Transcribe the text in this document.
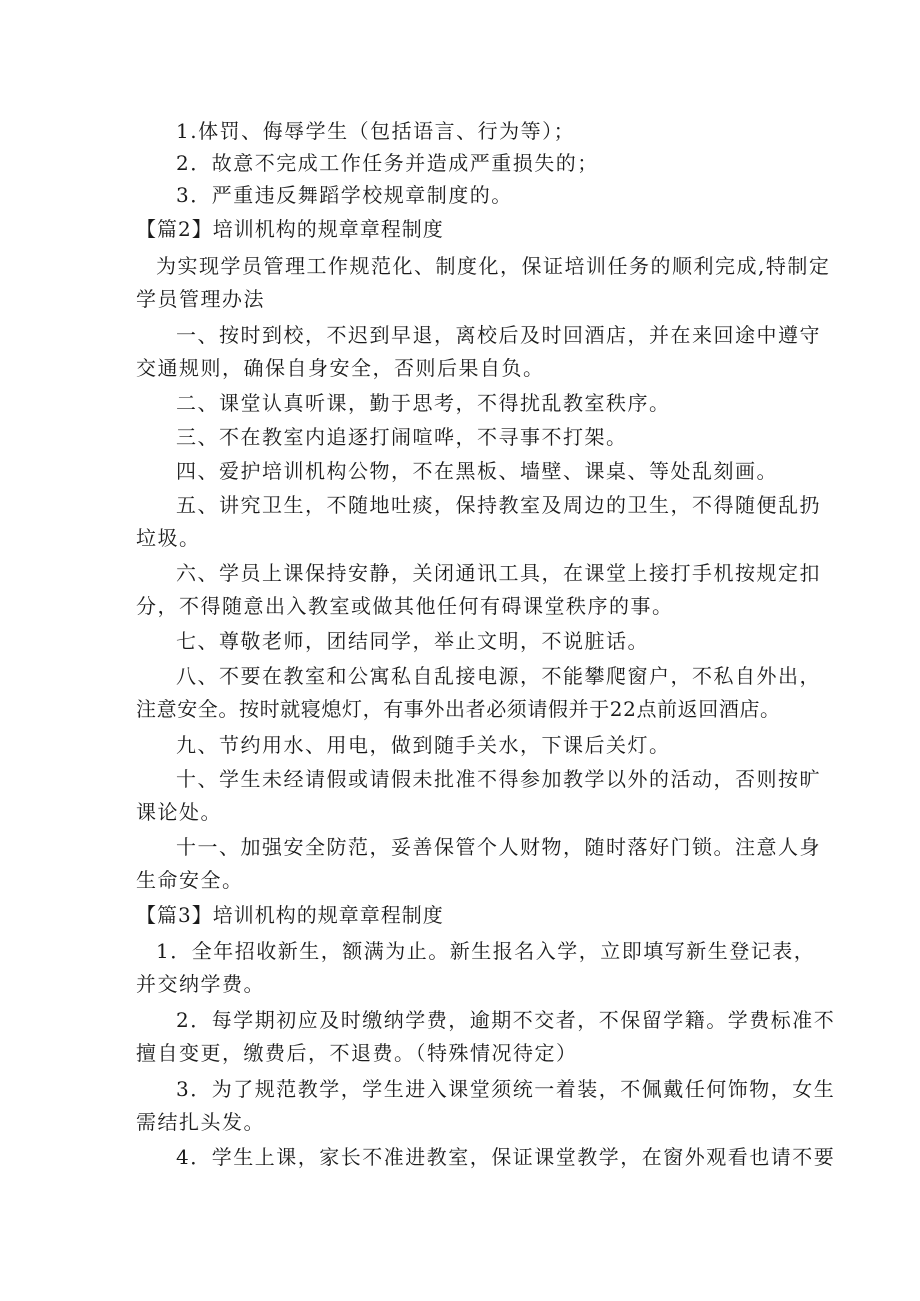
1.体罚、侮辱学生（包括语言、行为等）；
2．故意不完成工作任务并造成严重损失的；
3．严重违反舞蹈学校规章制度的。
【篇2】培训机构的规章章程制度
为实现学员管理工作规范化、制度化，保证培训任务的顺利完成,特制定
学员管理办法
一、按时到校，不迟到早退，离校后及时回酒店，并在来回途中遵守
交通规则，确保自身安全，否则后果自负。
二、课堂认真听课，勤于思考，不得扰乱教室秩序。
三、不在教室内追逐打闹喧哗，不寻事不打架。
四、爱护培训机构公物，不在黑板、墙壁、课桌、等处乱刻画。
五、讲究卫生，不随地吐痰，保持教室及周边的卫生，不得随便乱扔
垃圾。
六、学员上课保持安静，关闭通讯工具，在课堂上接打手机按规定扣
分，不得随意出入教室或做其他任何有碍课堂秩序的事。
七、尊敬老师，团结同学，举止文明，不说脏话。
八、不要在教室和公寓私自乱接电源，不能攀爬窗户，不私自外出，
注意安全。按时就寝熄灯，有事外出者必须请假并于22点前返回酒店。
九、节约用水、用电，做到随手关水，下课后关灯。
十、学生未经请假或请假未批准不得参加教学以外的活动，否则按旷
课论处。
十一、加强安全防范，妥善保管个人财物，随时落好门锁。注意人身
生命安全。
【篇3】培训机构的规章章程制度
1．全年招收新生，额满为止。新生报名入学，立即填写新生登记表，
并交纳学费。
2．每学期初应及时缴纳学费，逾期不交者，不保留学籍。学费标准不
擅自变更，缴费后，不退费。（特殊情况待定）
3．为了规范教学，学生进入课堂须统一着装，不佩戴任何饰物，女生
需结扎头发。
4．学生上课，家长不准进教室，保证课堂教学，在窗外观看也请不要
